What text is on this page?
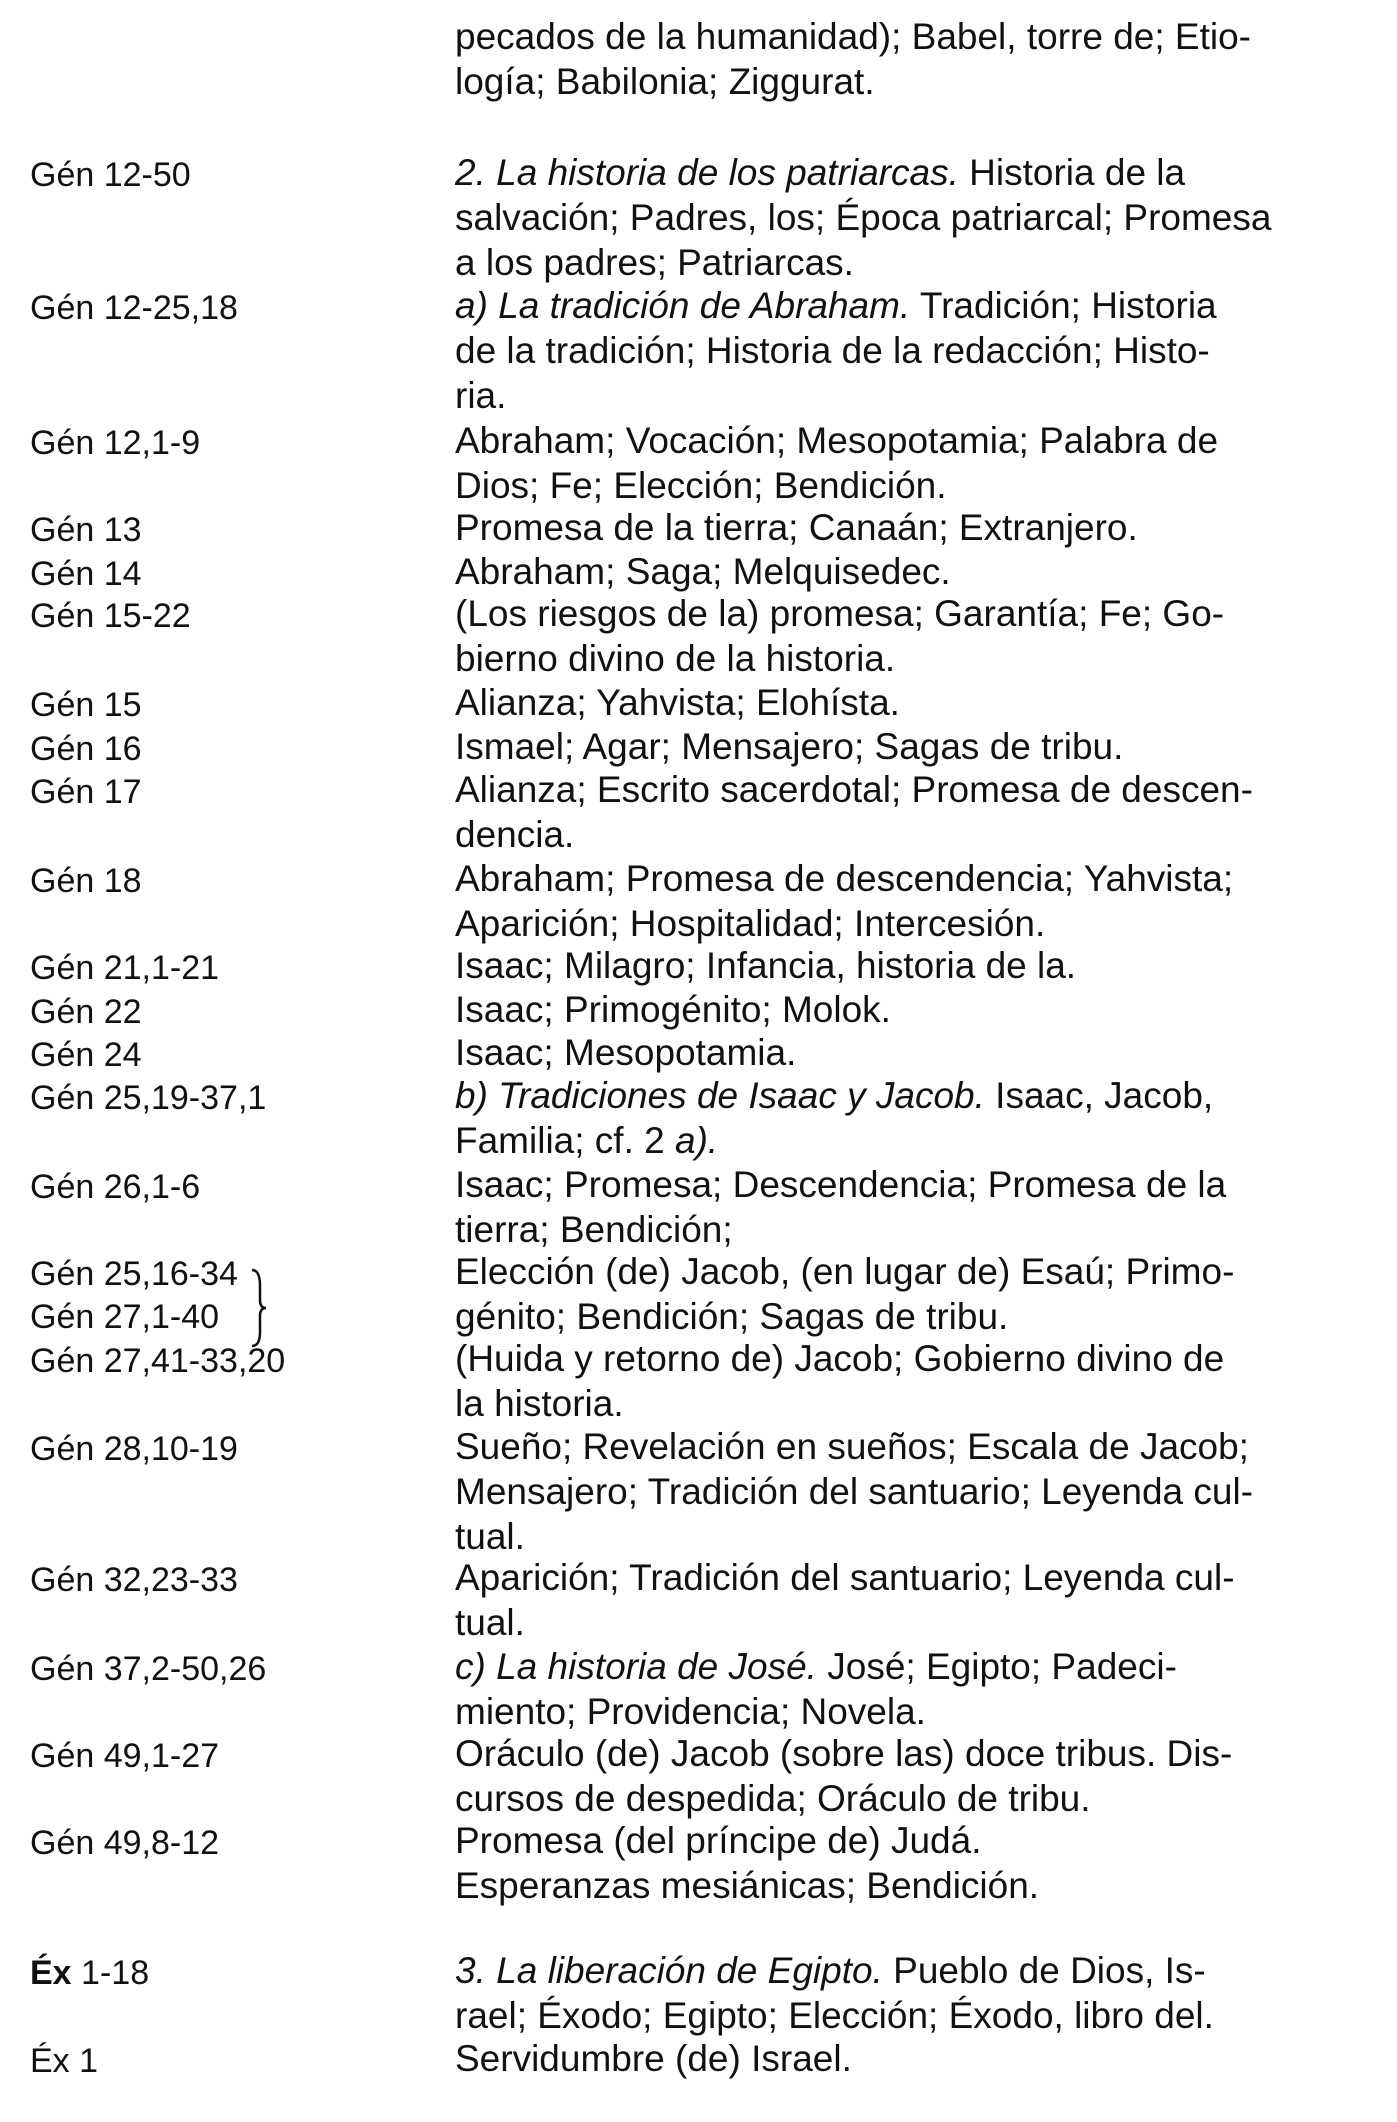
Gén 12-50
Gén 12-25,18
Gén 12,1-9
Gén 13
Gén 14
Gén 15-22
Gén 15
Gén 16
Gén 17
Gén 18
Gén 21,1-21
Gén 22
Gén 24
Gén 25,19-37,1
Gén 26,1-6
Gén 25,16-34
Gén 27,1-40
Gén 27,41-33,20
Gén 28,10-19
Gén 32,23-33
Gén 37,2-50,26
Gén 49,1-27
Gén 49,8-12
Éx 1-18
Éx 1
pecados de la humanidad); Babel, torre de; Etio-
logía; Babilonia; Ziggurat.
2. La historia de los patriarcas. Historia de la
salvación; Padres, los; Época patriarcal; Promesa
a los padres; Patriarcas.
a) La tradición de Abraham. Tradición; Historia
de la tradición; Historia de la redacción; Histo-
ria.
Abraham; Vocación; Mesopotamia; Palabra de
Dios; Fe; Elección; Bendición.
Promesa de la tierra; Canaán; Extranjero.
Abraham; Saga; Melquisedec.
(Los riesgos de la) promesa; Garantía; Fe; Go-
bierno divino de la historia.
Alianza; Yahvista; Elohísta.
Ismael; Agar; Mensajero; Sagas de tribu.
Alianza; Escrito sacerdotal; Promesa de descen-
dencia.
Abraham; Promesa de descendencia; Yahvista;
Aparición; Hospitalidad; Intercesión.
Isaac; Milagro; Infancia, historia de la.
Isaac; Primogénito; Molok.
Isaac; Mesopotamia.
b) Tradiciones de Isaac y Jacob. Isaac, Jacob,
Familia; cf. 2 a).
Isaac; Promesa; Descendencia; Promesa de la
tierra; Bendición;
Elección (de) Jacob, (en lugar de) Esaú; Primo-
génito; Bendición; Sagas de tribu.
(Huida y retorno de) Jacob; Gobierno divino de
la historia.
Sueño; Revelación en sueños; Escala de Jacob;
Mensajero; Tradición del santuario; Leyenda cul-
tual.
Aparición; Tradición del santuario; Leyenda cul-
tual.
c) La historia de José. José; Egipto; Padeci-
miento; Providencia; Novela.
Oráculo (de) Jacob (sobre las) doce tribus. Dis-
cursos de despedida; Oráculo de tribu.
Promesa (del príncipe de) Judá.
Esperanzas mesiánicas; Bendición.
3. La liberación de Egipto. Pueblo de Dios, Is-
rael; Éxodo; Egipto; Elección; Éxodo, libro del.
Servidumbre (de) Israel.
